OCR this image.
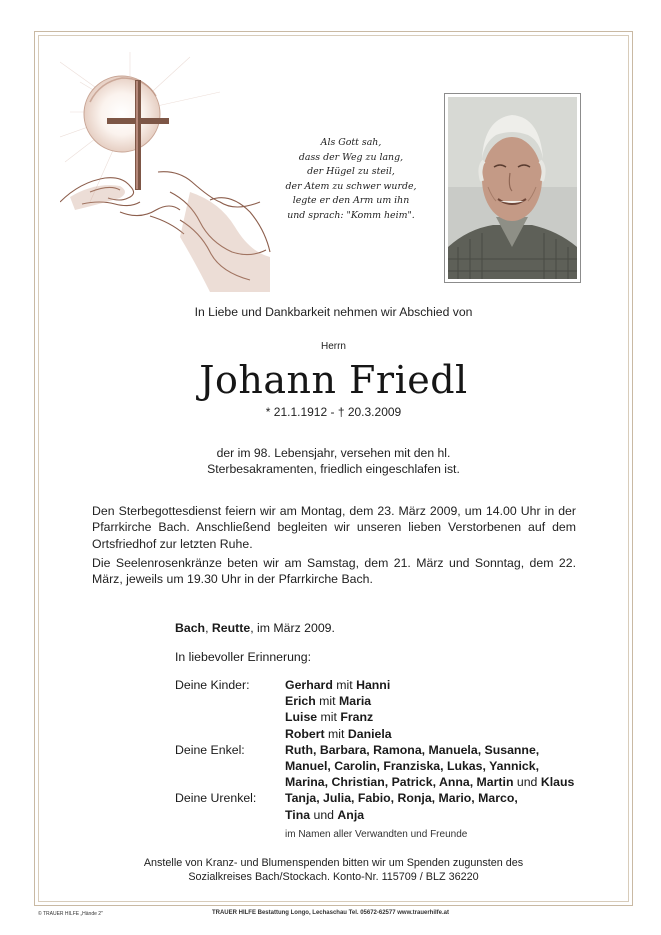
Als Gott sah,
dass der Weg zu lang,
der Hügel zu steil,
der Atem zu schwer wurde,
legte er den Arm um ihn
und sprach: "Komm heim".
In Liebe und Dankbarkeit nehmen wir Abschied von
Herrn
Johann Friedl
* 21.1.1912 - † 20.3.2009
der im 98. Lebensjahr, versehen mit den hl.
Sterbesakramenten, friedlich eingeschlafen ist.
Den Sterbegottesdienst feiern wir am Montag, dem 23. März 2009, um 14.00 Uhr in der Pfarrkirche Bach. Anschließend begleiten wir unseren lieben Verstorbenen auf dem Ortsfriedhof zur letzten Ruhe.
Die Seelenrosenkränze beten wir am Samstag, dem 21. März und Sonntag, dem 22. März, jeweils um 19.30 Uhr in der Pfarrkirche Bach.
Bach, Reutte, im März 2009.
In liebevoller Erinnerung:
Deine Kinder:	Gerhard mit Hanni
Erich mit Maria
Luise mit Franz
Robert mit Daniela
Deine Enkel:	Ruth, Barbara, Ramona, Manuela, Susanne,
Manuel, Carolin, Franziska, Lukas, Yannick,
Marina, Christian, Patrick, Anna, Martin und Klaus
Deine Urenkel:	Tanja, Julia, Fabio, Ronja, Mario, Marco,
Tina und Anja
im Namen aller Verwandten und Freunde
Anstelle von Kranz- und Blumenspenden bitten wir um Spenden zugunsten des
Sozialkreises Bach/Stockach. Konto-Nr. 115709 / BLZ 36220
© TRAUER HILFE „Hände 2"	TRAUER HILFE Bestattung Longo, Lechaschau Tel. 05672-62577 www.trauerhilfe.at
